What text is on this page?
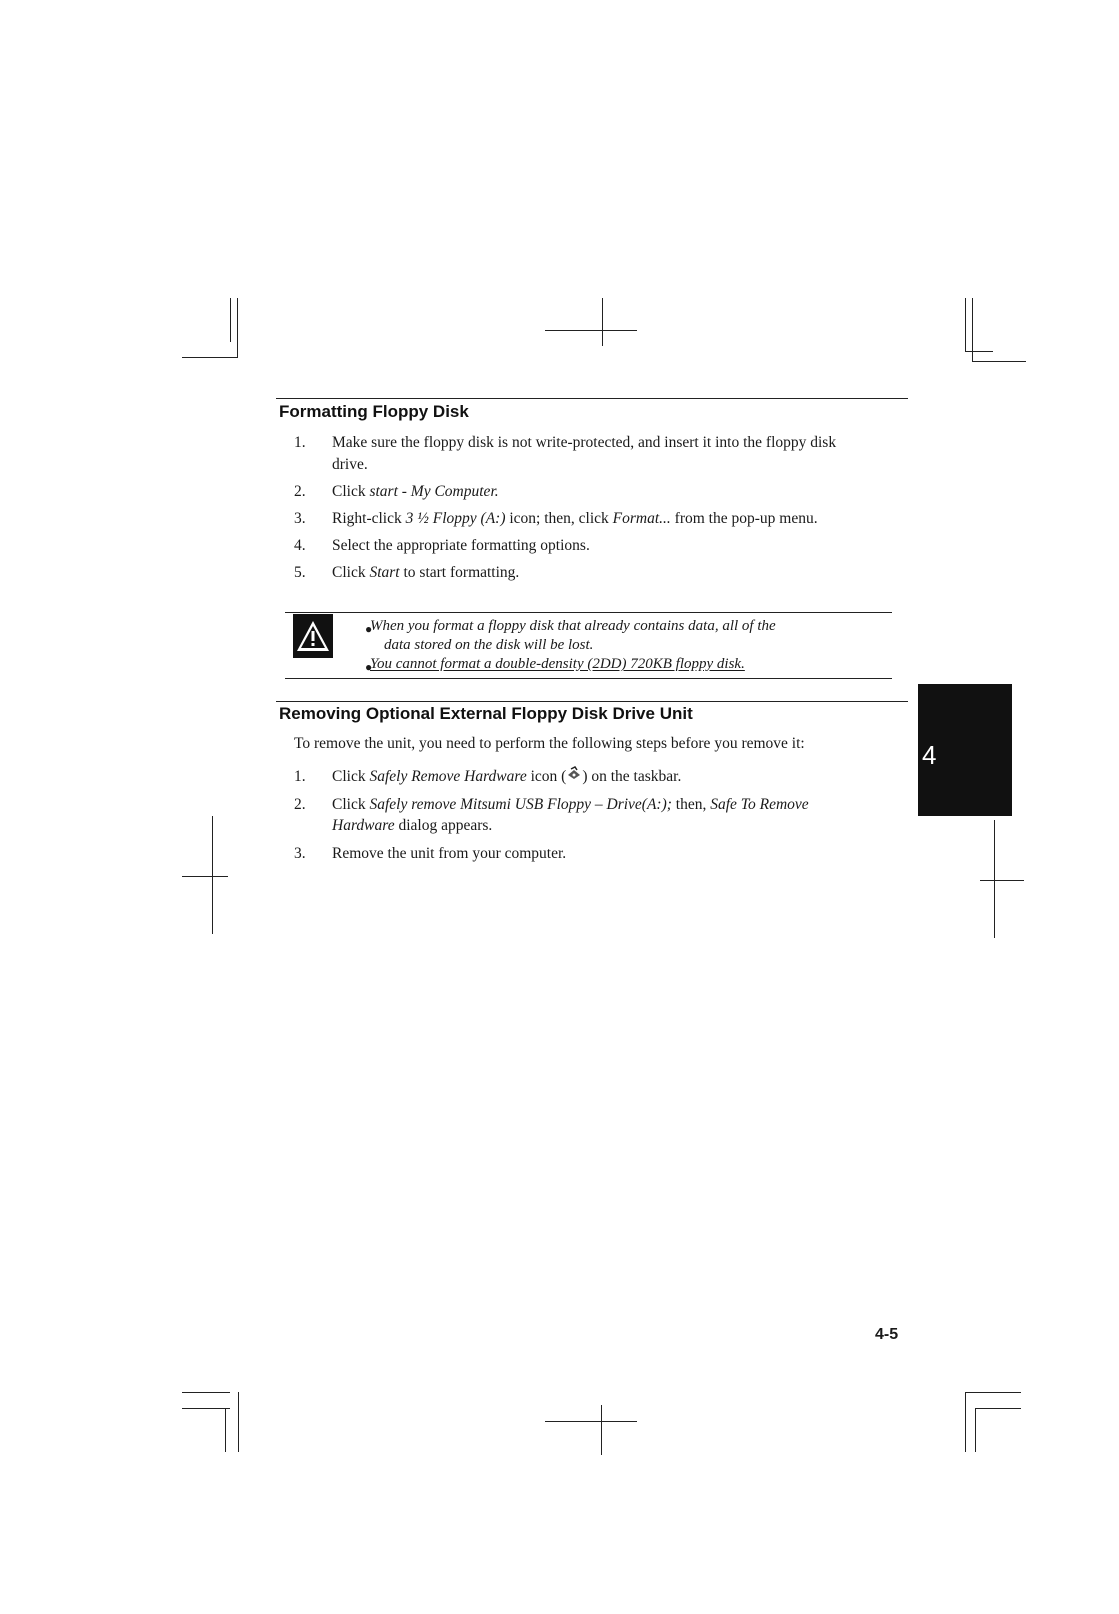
Formatting Floppy Disk
1. Make sure the floppy disk is not write-protected, and insert it into the floppy disk
drive.
2. Click start - My Computer.
3. Right-click 3 ½ Floppy (A:) icon; then, click Format... from the pop-up menu.
4. Select the appropriate formatting options.
5. Click Start to start formatting.
●
When you format a floppy disk that already contains data, all of the
data stored on the disk will be lost.
●
You cannot format a double-density (2DD) 720KB floppy disk.
Removing Optional External Floppy Disk Drive Unit
To remove the unit, you need to perform the following steps before you remove it:
1. Click Safely Remove Hardware icon ( ) on the taskbar.
2. Click Safely remove Mitsumi USB Floppy – Drive(A:); then, Safe To Remove
Hardware dialog appears.
3. Remove the unit from your computer.
4
4-5
